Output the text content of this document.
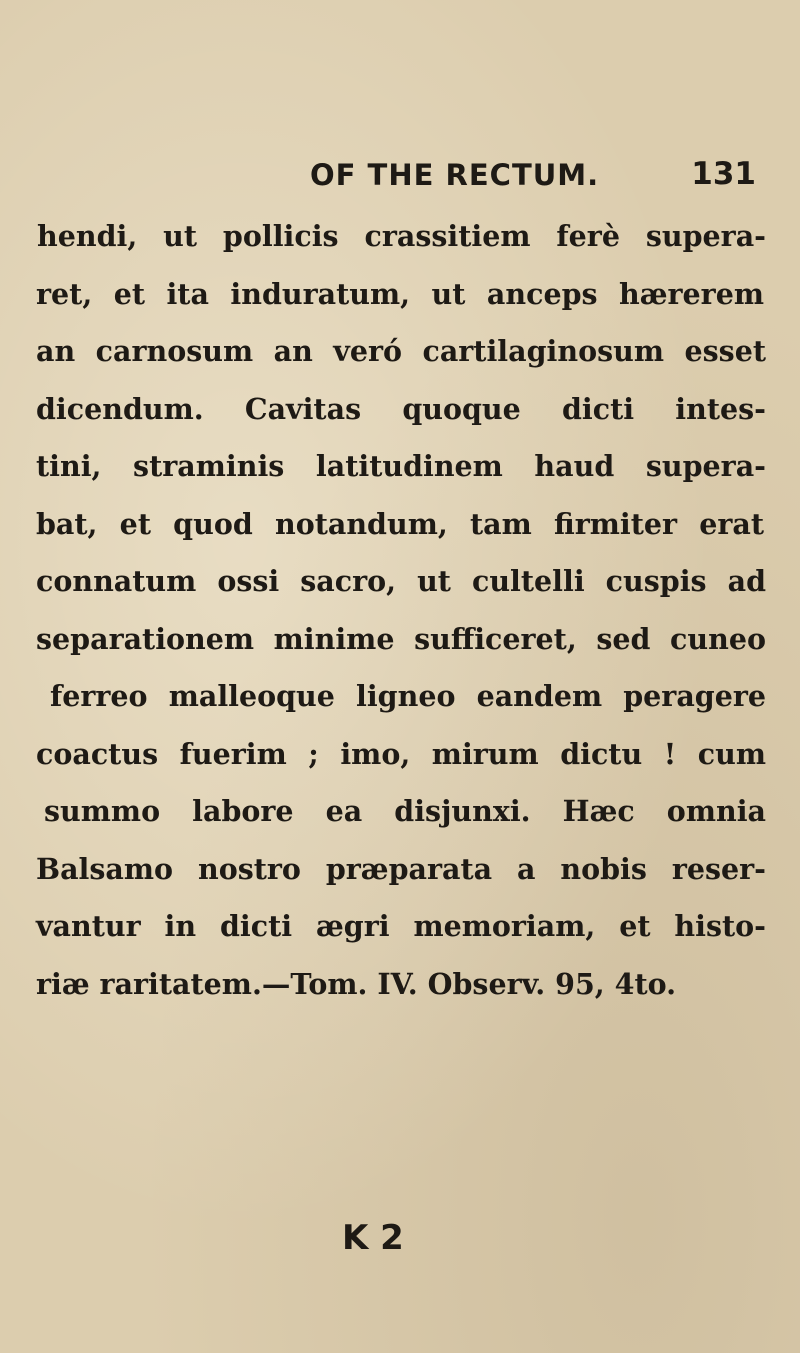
OF THE RECTUM.	131
hendi, ut pollicis crassitiem ferè supera-
ret, et ita induratum, ut anceps hærerem
an carnosum an veró cartilaginosum esset
dicendum. Cavitas quoque dicti intes-
tini, straminis latitudinem haud supera-
bat, et quod notandum, tam firmiter erat
connatum ossi sacro, ut cultelli cuspis ad
separationem minime sufficeret, sed cuneo
ferreo malleoque ligneo eandem peragere
coactus fuerim ; imo, mirum dictu ! cum
summo labore ea disjunxi. Hæc omnia
Balsamo nostro præparata a nobis reser-
vantur in dicti ægri memoriam, et histo-
riæ raritatem.—Tom. IV. Observ. 95, 4to.
K 2
